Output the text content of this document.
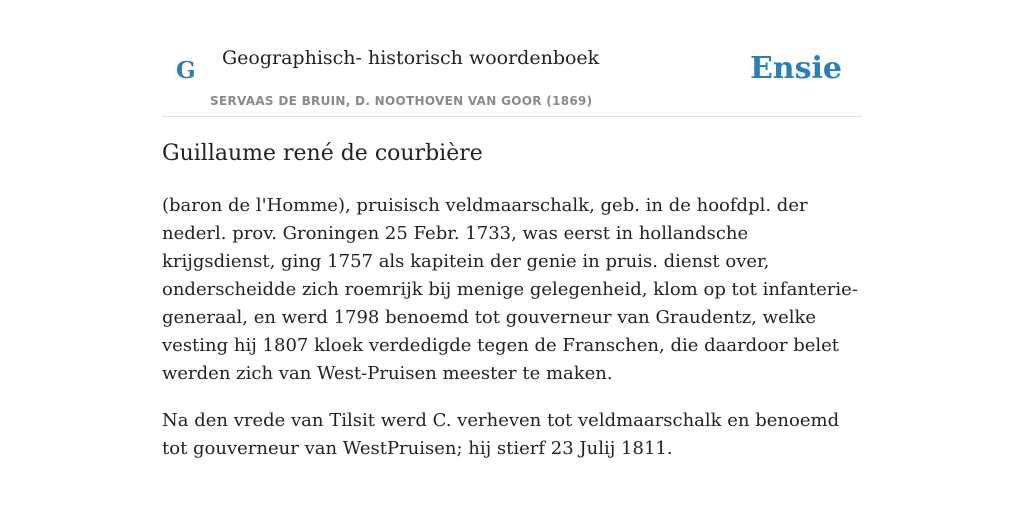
G Geographisch- historisch woordenboek
SERVAAS DE BRUIN, D. NOOTHOVEN VAN GOOR (1869)
Ensie
Guillaume rené de courbière

(baron de l'Homme), pruisisch veldmaarschalk, geb. in de hoofdpl. der nederl. prov. Groningen 25 Febr. 1733, was eerst in hollandsche krijgsdienst, ging 1757 als kapitein der genie in pruis. dienst over, onderscheidde zich roemrijk bij menige gelegenheid, klom op tot infanterie-generaal, en werd 1798 benoemd tot gouverneur van Graudentz, welke vesting hij 1807 kloek verdedigde tegen de Franschen, die daardoor belet werden zich van West-Pruisen meester te maken.

Na den vrede van Tilsit werd C. verheven tot veldmaarschalk en benoemd tot gouverneur van WestPruisen; hij stierf 23 Julij 1811.
